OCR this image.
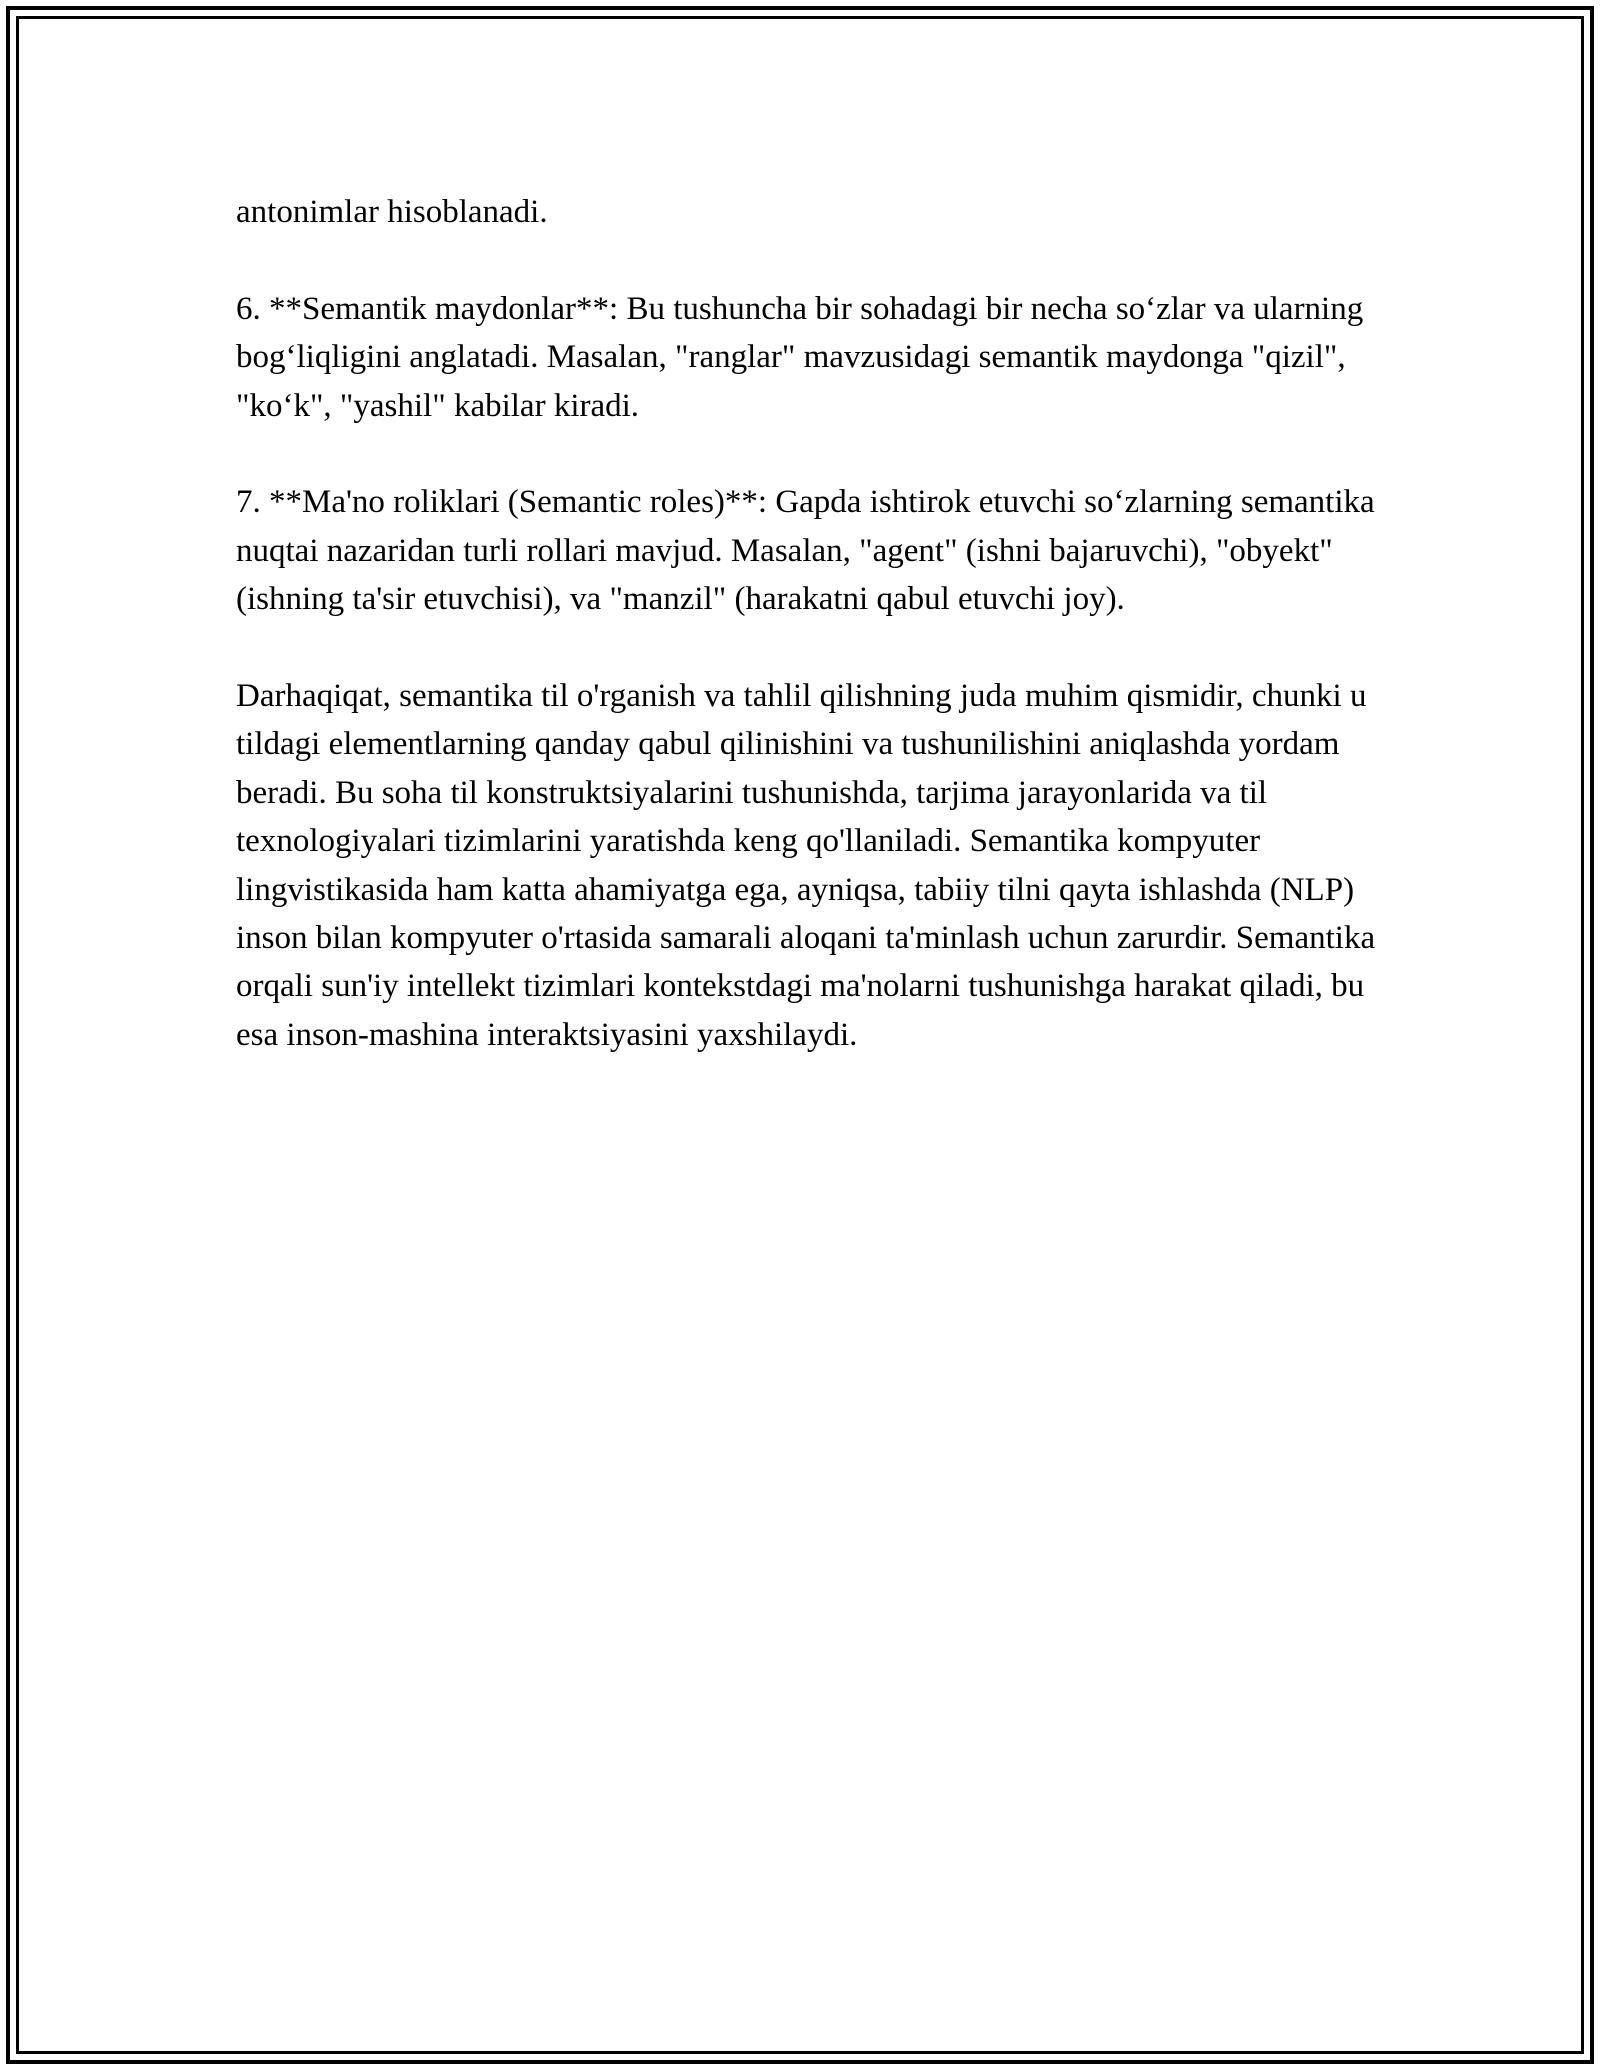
antonimlar hisoblanadi.

6. **Semantik maydonlar**: Bu tushuncha bir sohadagi bir necha so‘zlar va ularning bog‘liqligini anglatadi. Masalan, "ranglar" mavzusidagi semantik maydonga "qizil", "ko‘k", "yashil" kabilar kiradi.

7. **Ma'no roliklari (Semantic roles)**: Gapda ishtirok etuvchi so‘zlarning semantika nuqtai nazaridan turli rollari mavjud. Masalan, "agent" (ishni bajaruvchi), "obyekt" (ishning ta'sir etuvchisi), va "manzil" (harakatni qabul etuvchi joy).

Darhaqiqat, semantika til o'rganish va tahlil qilishning juda muhim qismidir, chunki u tildagi elementlarning qanday qabul qilinishini va tushunilishini aniqlashda yordam beradi. Bu soha til konstruktsiyalarini tushunishda, tarjima jarayonlarida va til texnologiyalari tizimlarini yaratishda keng qo'llaniladi. Semantika kompyuter lingvistikasida ham katta ahamiyatga ega, ayniqsa, tabiiy tilni qayta ishlashda (NLP) inson bilan kompyuter o'rtasida samarali aloqani ta'minlash uchun zarurdir. Semantika orqali sun'iy intellekt tizimlari kontekstdagi ma'nolarni tushunishga harakat qiladi, bu esa inson-mashina interaktsiyasini yaxshilaydi.
